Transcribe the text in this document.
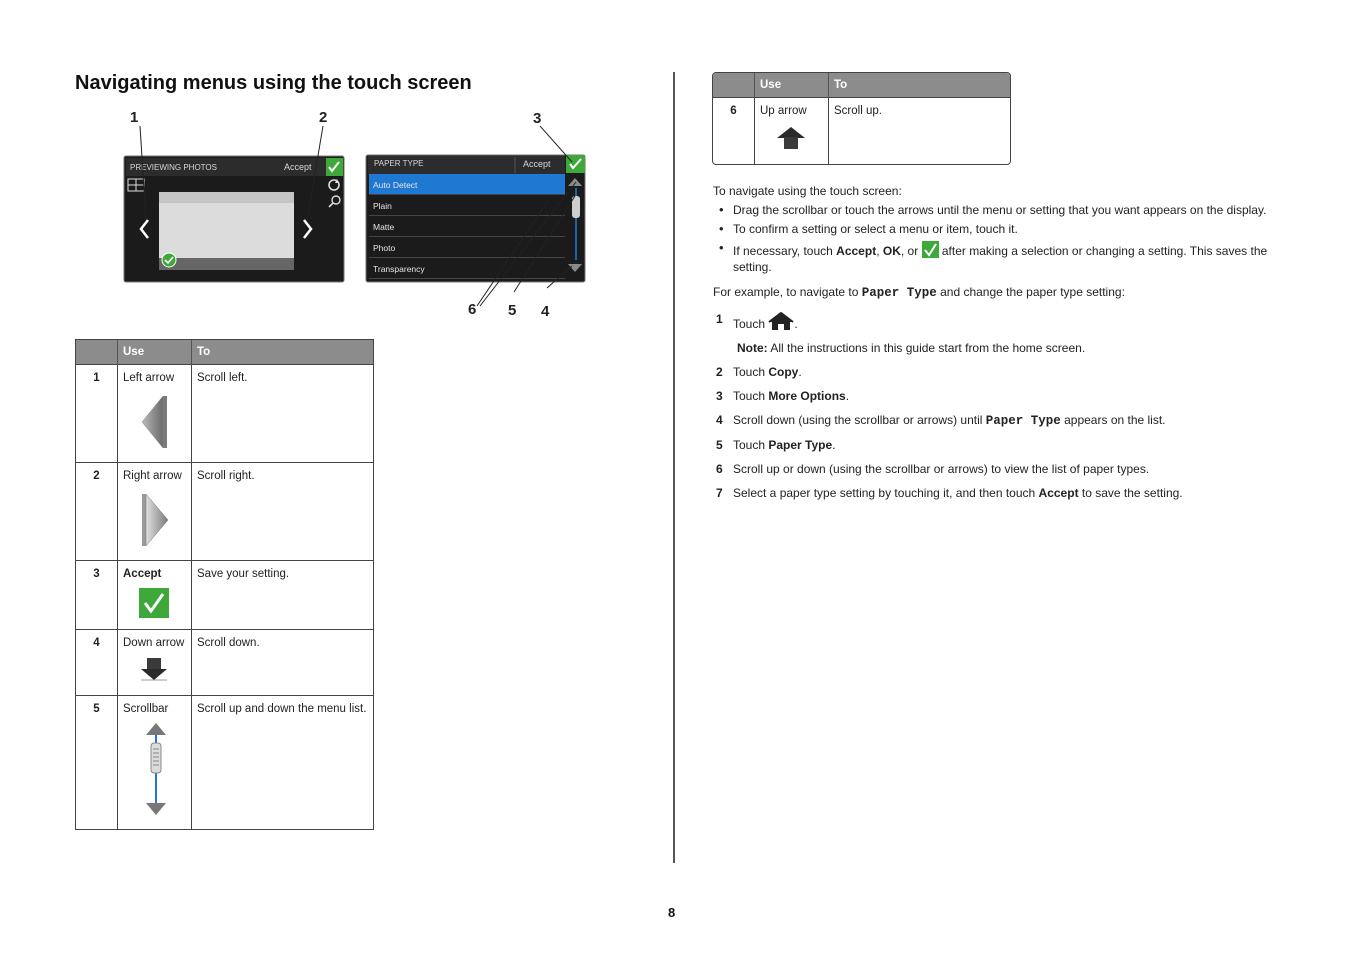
Navigating menus using the touch screen
PREVIEWING PHOTOS	Accept	PAPER TYPE	Accept
Auto Detect
Plain
Matte
Photo
Transparency
1	2	3
4
5
6
	Use	To
1	Left arrow	Scroll left.
2	Right arrow	Scroll right.
3	Accept	Save your setting.
4	Down arrow	Scroll down.
5	Scrollbar	Scroll up and down the menu list.
	Use	To
6	Up arrow	Scroll up.

To navigate using the touch screen:

• Drag the scrollbar or touch the arrows until the menu or setting that you want appears on the display.

• To confirm a setting or select a menu or item, touch it.

• If necessary, touch Accept, OK, or  after making a selection or changing a setting. This saves the setting.

For example, to navigate to Paper Type and change the paper type setting:

1 Touch .

Note: All the instructions in this guide start from the home screen.

2 Touch Copy.

3 Touch More Options.

4 Scroll down (using the scrollbar or arrows) until Paper Type appears on the list.

5 Touch Paper Type.

6 Scroll up or down (using the scrollbar or arrows) to view the list of paper types.

7 Select a paper type setting by touching it, and then touch Accept to save the setting.

8
